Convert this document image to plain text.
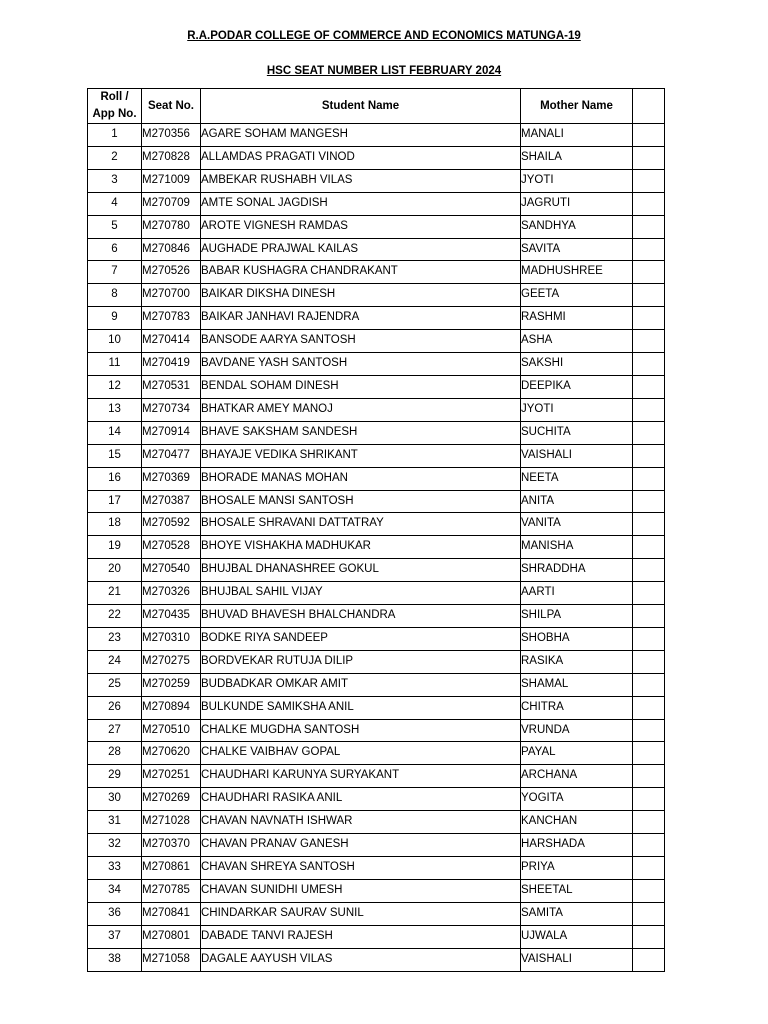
R.A.PODAR COLLEGE OF COMMERCE AND ECONOMICS MATUNGA-19
HSC SEAT NUMBER LIST FEBRUARY 2024
Roll /
App No.	Seat No.	Student Name	Mother Name	
1	M270356	AGARE SOHAM MANGESH	MANALI	
2	M270828	ALLAMDAS PRAGATI VINOD	SHAILA	
3	M271009	AMBEKAR RUSHABH VILAS	JYOTI	
4	M270709	AMTE SONAL JAGDISH	JAGRUTI	
5	M270780	AROTE VIGNESH RAMDAS	SANDHYA	
6	M270846	AUGHADE PRAJWAL KAILAS	SAVITA	
7	M270526	BABAR KUSHAGRA CHANDRAKANT	MADHUSHREE	
8	M270700	BAIKAR DIKSHA DINESH	GEETA	
9	M270783	BAIKAR JANHAVI RAJENDRA	RASHMI	
10	M270414	BANSODE AARYA SANTOSH	ASHA	
11	M270419	BAVDANE YASH SANTOSH	SAKSHI	
12	M270531	BENDAL SOHAM DINESH	DEEPIKA	
13	M270734	BHATKAR AMEY MANOJ	JYOTI	
14	M270914	BHAVE SAKSHAM SANDESH	SUCHITA	
15	M270477	BHAYAJE VEDIKA SHRIKANT	VAISHALI	
16	M270369	BHORADE MANAS MOHAN	NEETA	
17	M270387	BHOSALE MANSI SANTOSH	ANITA	
18	M270592	BHOSALE SHRAVANI DATTATRAY	VANITA	
19	M270528	BHOYE VISHAKHA MADHUKAR	MANISHA	
20	M270540	BHUJBAL DHANASHREE GOKUL	SHRADDHA	
21	M270326	BHUJBAL SAHIL VIJAY	AARTI	
22	M270435	BHUVAD BHAVESH BHALCHANDRA	SHILPA	
23	M270310	BODKE RIYA SANDEEP	SHOBHA	
24	M270275	BORDVEKAR RUTUJA DILIP	RASIKA	
25	M270259	BUDBADKAR OMKAR AMIT	SHAMAL	
26	M270894	BULKUNDE SAMIKSHA ANIL	CHITRA	
27	M270510	CHALKE MUGDHA SANTOSH	VRUNDA	
28	M270620	CHALKE VAIBHAV GOPAL	PAYAL	
29	M270251	CHAUDHARI KARUNYA SURYAKANT	ARCHANA	
30	M270269	CHAUDHARI RASIKA ANIL	YOGITA	
31	M271028	CHAVAN NAVNATH ISHWAR	KANCHAN	
32	M270370	CHAVAN PRANAV GANESH	HARSHADA	
33	M270861	CHAVAN SHREYA SANTOSH	PRIYA	
34	M270785	CHAVAN SUNIDHI UMESH	SHEETAL	
36	M270841	CHINDARKAR SAURAV SUNIL	SAMITA	
37	M270801	DABADE TANVI RAJESH	UJWALA	
38	M271058	DAGALE AAYUSH VILAS	VAISHALI	
